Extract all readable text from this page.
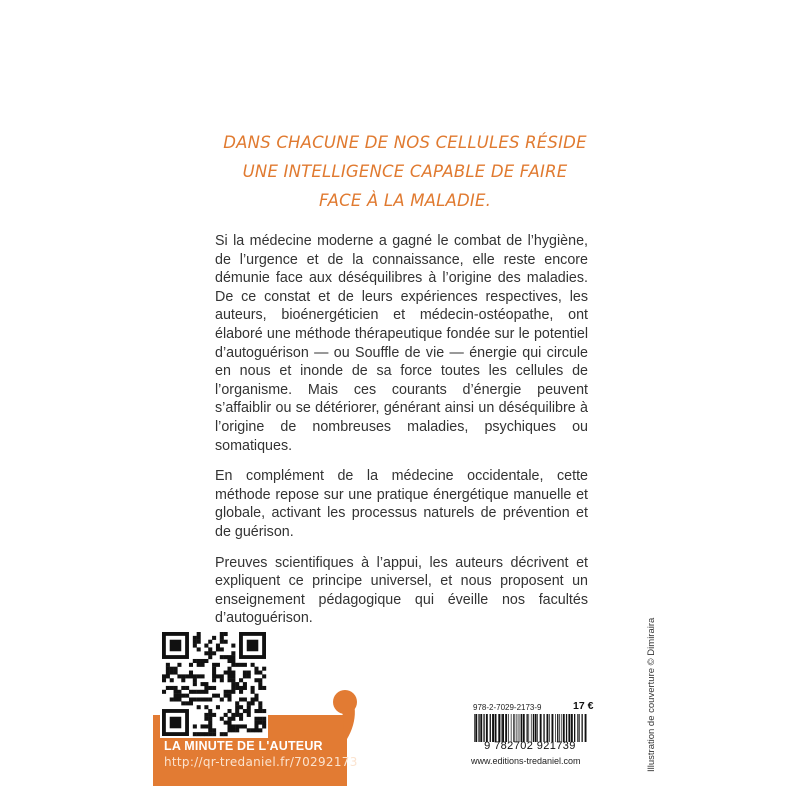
DANS CHACUNE DE NOS CELLULES RÉSIDE
UNE INTELLIGENCE CAPABLE DE FAIRE
FACE À LA MALADIE.

Si la médecine moderne a gagné le combat de l’hygiène, de l’urgence et de la connaissance, elle reste encore démunie face aux déséquilibres à l’origine des maladies. De ce constat et de leurs expériences respectives, les auteurs, bioénergéticien et médecin-ostéopathe, ont élaboré une méthode thérapeutique fondée sur le potentiel d’autoguérison — ou Souffle de vie — énergie qui circule en nous et inonde de sa force toutes les cellules de l’organisme. Mais ces courants d’énergie peuvent s’affaiblir ou se détériorer, générant ainsi un déséquilibre à l’origine de nombreuses maladies, psychiques ou somatiques.

En complément de la médecine occidentale, cette méthode repose sur une pratique énergétique manuelle et globale, activant les processus naturels de prévention et de guérison.

Preuves scientifiques à l’appui, les auteurs décrivent et expliquent ce principe universel, et nous proposent un enseignement pédagogique qui éveille nos facultés d’autoguérison.	Illustration de couverture © Dimiraira
LA MINUTE DE L'AUTEUR
http://qr-tredaniel.fr/70292173
978-2-7029-2173-9	17 €
9 782702 921739
www.editions-tredaniel.com
